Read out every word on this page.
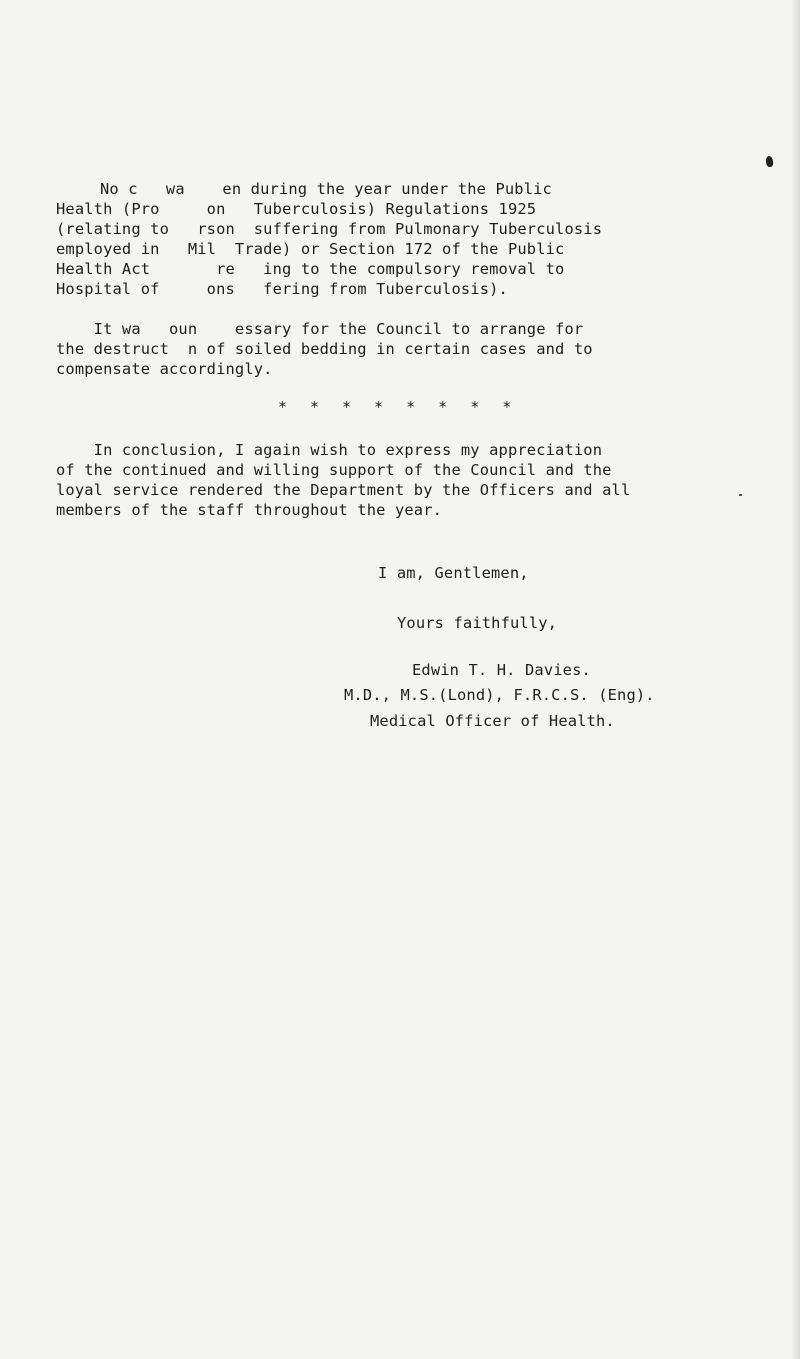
No c   wa    en during the year under the Public
Health (Pro     on   Tuberculosis) Regulations 1925
(relating to   rson  suffering from Pulmonary Tuberculosis
employed in   Mil  Trade) or Section 172 of the Public
Health Act       re   ing to the compulsory removal to
Hospital of     ons   fering from Tuberculosis).
It wa   oun    essary for the Council to arrange for
the destruct  n of soiled bedding in certain cases and to
compensate accordingly.
* * * * * * * *
In conclusion, I again wish to express my appreciation
of the continued and willing support of the Council and the
loyal service rendered the Department by the Officers and all
members of the staff throughout the year.
I am, Gentlemen,
Yours faithfully,
Edwin T. H. Davies.
M.D., M.S.(Lond), F.R.C.S. (Eng).
Medical Officer of Health.
